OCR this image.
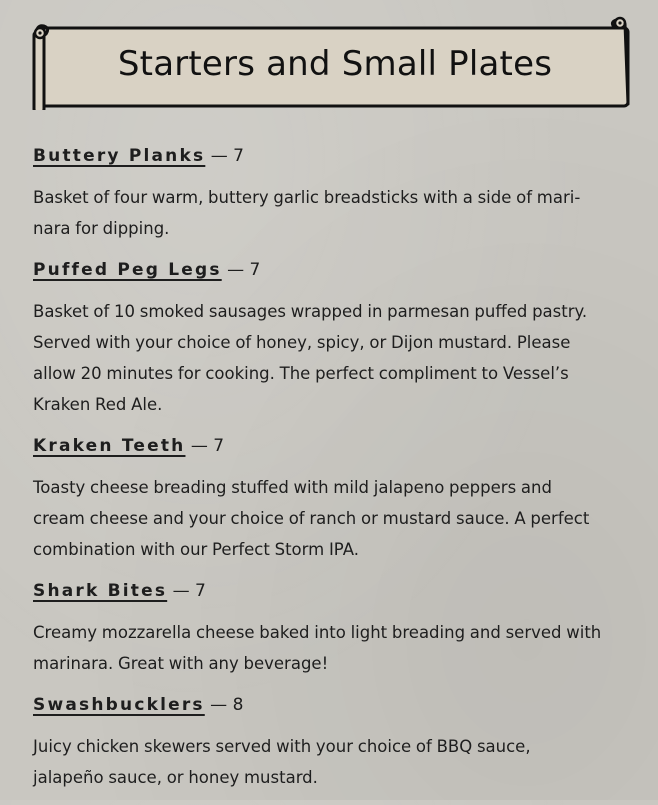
Starters and Small Plates
Buttery Planks — 7
Basket of four warm, buttery garlic breadsticks with a side of mari-
nara for dipping.
Puffed Peg Legs — 7
Basket of 10 smoked sausages wrapped in parmesan puffed pastry.
Served with your choice of honey, spicy, or Dijon mustard. Please
allow 20 minutes for cooking. The perfect compliment to Vessel’s
Kraken Red Ale.
Kraken Teeth — 7
Toasty cheese breading stuffed with mild jalapeno peppers and
cream cheese and your choice of ranch or mustard sauce. A perfect
combination with our Perfect Storm IPA.
Shark Bites — 7
Creamy mozzarella cheese baked into light breading and served with
marinara. Great with any beverage!
Swashbucklers — 8
Juicy chicken skewers served with your choice of BBQ sauce,
jalapeño sauce, or honey mustard.
